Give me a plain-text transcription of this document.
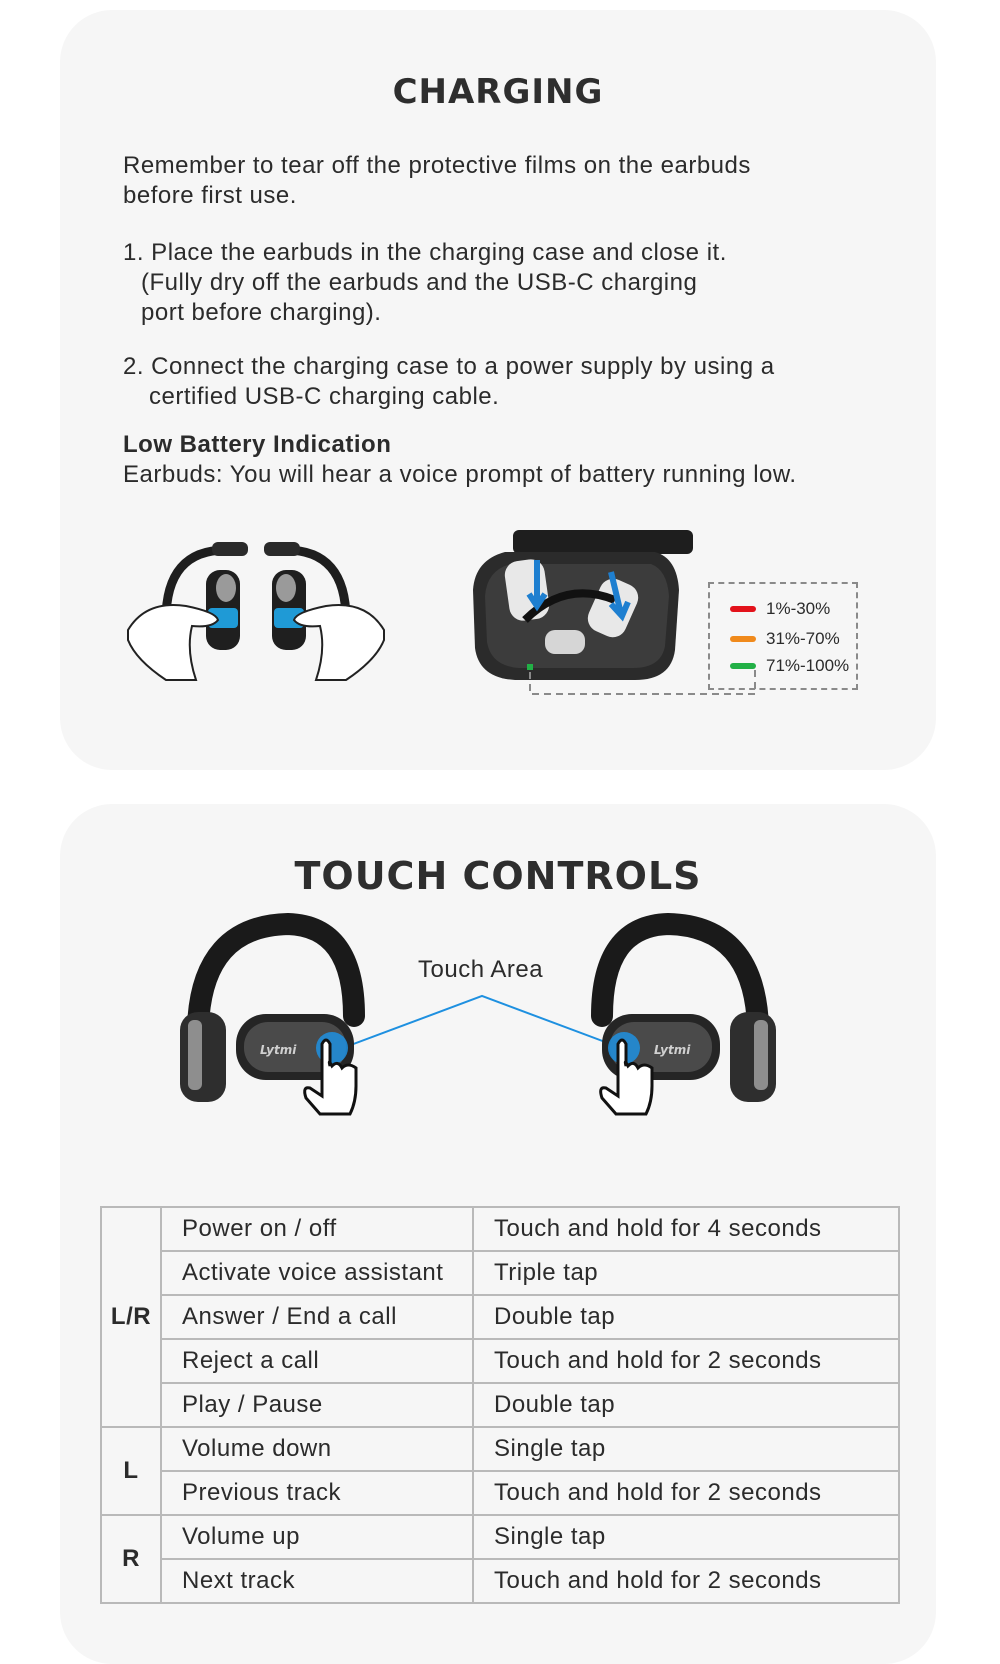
CHARGING

Remember to tear off the protective films on the earbuds
before first use.

1. Place the earbuds in the charging case and close it.
(Fully dry off the earbuds and the USB-C charging
port before charging).

2. Connect the charging case to a power supply by using a
certified USB-C charging cable.

Low Battery Indication
Earbuds: You will hear a voice prompt of battery running low.

1%-30%
31%-70%
71%-100%
TOUCH CONTROLS
Touch Area
Lytmi	Lytmi
L/R	Power on / off	Touch and hold for 4 seconds
	Activate voice assistant	Triple tap
	Answer / End a call	Double tap
	Reject a call	Touch and hold for 2 seconds
	Play / Pause	Double tap
L	Volume down	Single tap
	Previous track	Touch and hold for 2 seconds
R	Volume up	Single tap
	Next track	Touch and hold for 2 seconds
